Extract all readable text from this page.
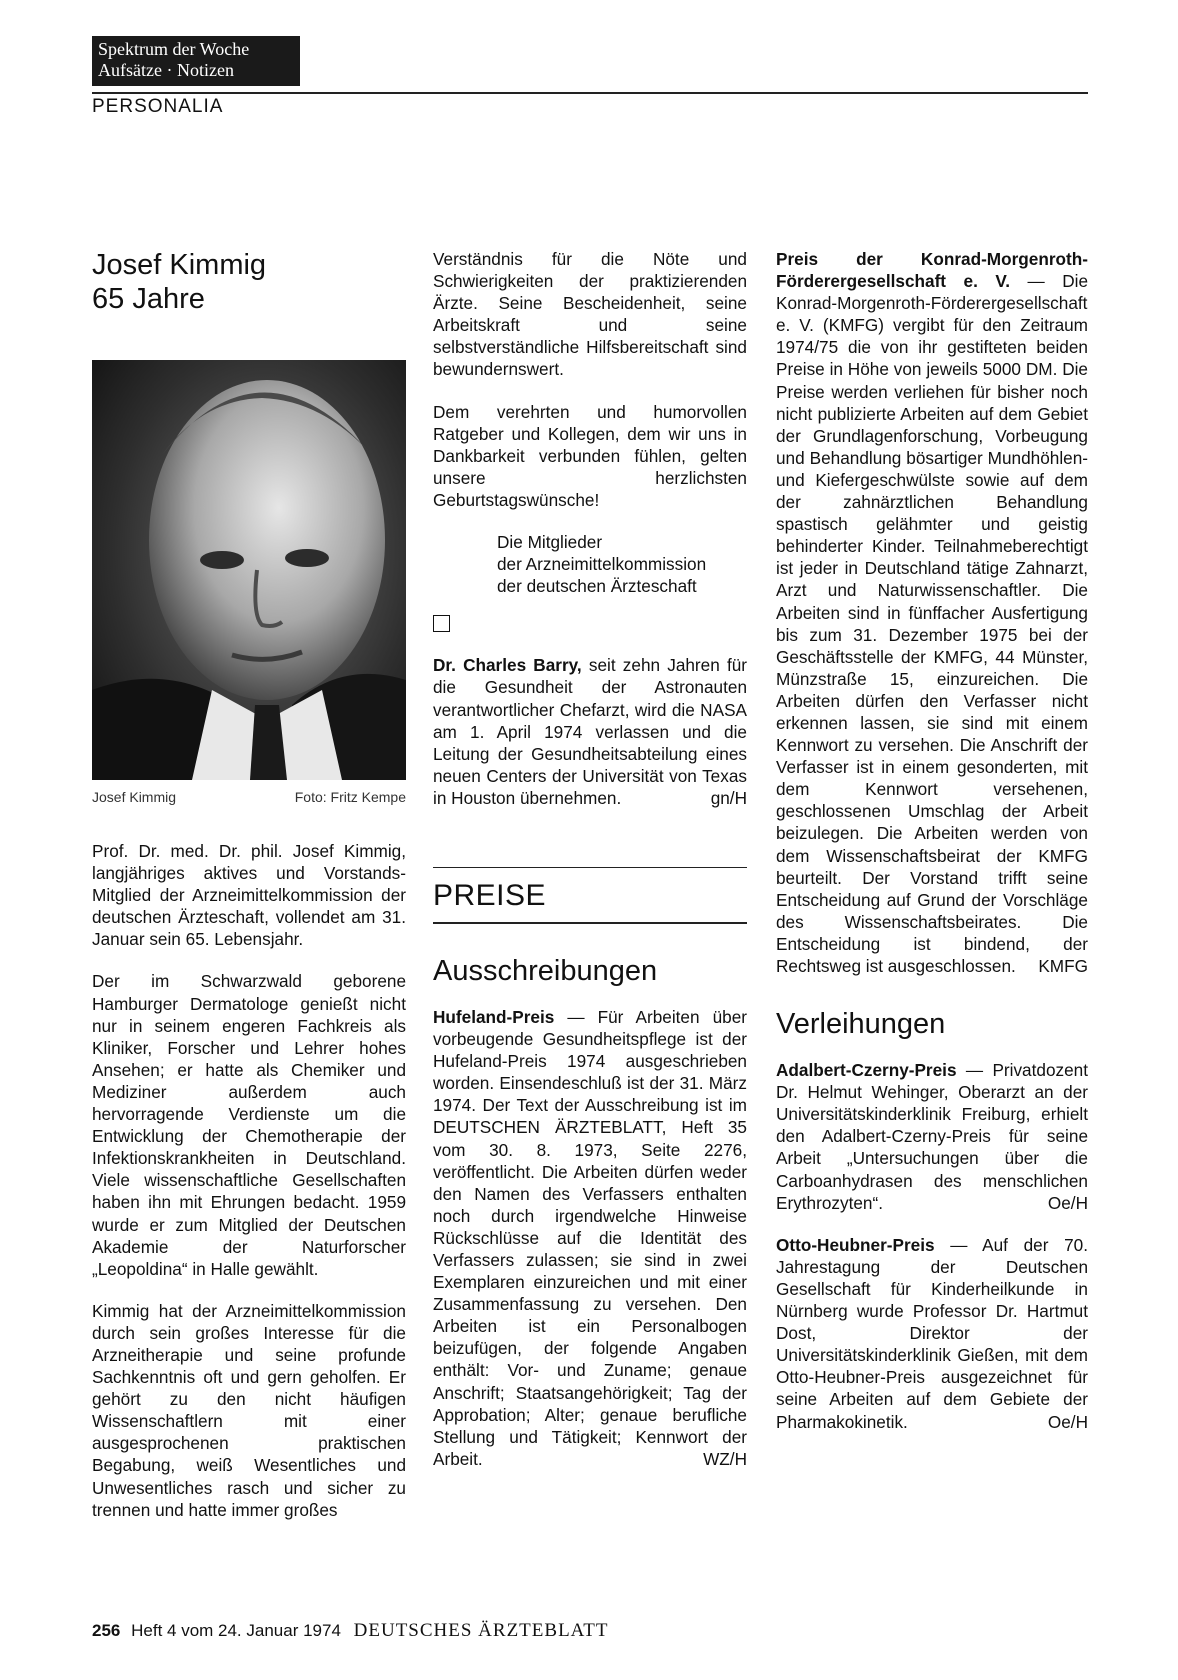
Spektrum der Woche
Aufsätze · Notizen
PERSONALIA
Josef Kimmig
65 Jahre
Josef Kimmig	Foto: Fritz Kempe

Prof. Dr. med. Dr. phil. Josef Kimmig, langjähriges aktives und Vorstands-Mitglied der Arzneimittelkommission der deutschen Ärzteschaft, vollendet am 31. Januar sein 65. Lebensjahr.

Der im Schwarzwald geborene Hamburger Dermatologe genießt nicht nur in seinem engeren Fachkreis als Kliniker, Forscher und Lehrer hohes Ansehen; er hatte als Chemiker und Mediziner außerdem auch hervorragende Verdienste um die Entwicklung der Chemotherapie der Infektionskrankheiten in Deutschland. Viele wissenschaftliche Gesellschaften haben ihn mit Ehrungen bedacht. 1959 wurde er zum Mitglied der Deutschen Akademie der Naturforscher „Leopoldina“ in Halle gewählt.

Kimmig hat der Arzneimittelkommission durch sein großes Interesse für die Arzneitherapie und seine profunde Sachkenntnis oft und gern geholfen. Er gehört zu den nicht häufigen Wissenschaftlern mit einer ausgesprochenen praktischen Begabung, weiß Wesentliches und Unwesentliches rasch und sicher zu trennen und hatte immer großes

Verständnis für die Nöte und Schwierigkeiten der praktizierenden Ärzte. Seine Bescheidenheit, seine Arbeitskraft und seine selbstverständliche Hilfsbereitschaft sind bewundernswert.

Dem verehrten und humorvollen Ratgeber und Kollegen, dem wir uns in Dankbarkeit verbunden fühlen, gelten unsere herzlichsten Geburtstagswünsche!

Die Mitglieder
der Arzneimittelkommission
der deutschen Ärzteschaft

Dr. Charles Barry, seit zehn Jahren für die Gesundheit der Astronauten verantwortlicher Chefarzt, wird die NASA am 1. April 1974 verlassen und die Leitung der Gesundheitsabteilung eines neuen Centers der Universität von Texas in Houston übernehmen.	gn/H

PREISE
Ausschreibungen

Hufeland-Preis — Für Arbeiten über vorbeugende Gesundheitspflege ist der Hufeland-Preis 1974 ausgeschrieben worden. Einsendeschluß ist der 31. März 1974. Der Text der Ausschreibung ist im DEUTSCHEN ÄRZTEBLATT, Heft 35 vom 30. 8. 1973, Seite 2276, veröffentlicht. Die Arbeiten dürfen weder den Namen des Verfassers enthalten noch durch irgendwelche Hinweise Rückschlüsse auf die Identität des Verfassers zulassen; sie sind in zwei Exemplaren einzureichen und mit einer Zusammenfassung zu versehen. Den Arbeiten ist ein Personalbogen beizufügen, der folgende Angaben enthält: Vor- und Zuname; genaue Anschrift; Staatsangehörigkeit; Tag der Approbation; Alter; genaue berufliche Stellung und Tätigkeit; Kennwort der Arbeit.	WZ/H

Preis der Konrad-Morgenroth-Förderergesellschaft e. V. — Die Konrad-Morgenroth-Förderergesellschaft e. V. (KMFG) vergibt für den Zeitraum 1974/75 die von ihr gestifteten beiden Preise in Höhe von jeweils 5000 DM. Die Preise werden verliehen für bisher noch nicht publizierte Arbeiten auf dem Gebiet der Grundlagenforschung, Vorbeugung und Behandlung bösartiger Mundhöhlen- und Kiefergeschwülste sowie auf dem der zahnärztlichen Behandlung spastisch gelähmter und geistig behinderter Kinder. Teilnahmeberechtigt ist jeder in Deutschland tätige Zahnarzt, Arzt und Naturwissenschaftler. Die Arbeiten sind in fünffacher Ausfertigung bis zum 31. Dezember 1975 bei der Geschäftsstelle der KMFG, 44 Münster, Münzstraße 15, einzureichen. Die Arbeiten dürfen den Verfasser nicht erkennen lassen, sie sind mit einem Kennwort zu versehen. Die Anschrift der Verfasser ist in einem gesonderten, mit dem Kennwort versehenen, geschlossenen Umschlag der Arbeit beizulegen. Die Arbeiten werden von dem Wissenschaftsbeirat der KMFG beurteilt. Der Vorstand trifft seine Entscheidung auf Grund der Vorschläge des Wissenschaftsbeirates. Die Entscheidung ist bindend, der Rechtsweg ist ausgeschlossen. KMFG

Verleihungen

Adalbert-Czerny-Preis — Privatdozent Dr. Helmut Wehinger, Oberarzt an der Universitätskinderklinik Freiburg, erhielt den Adalbert-Czerny-Preis für seine Arbeit „Untersuchungen über die Carboanhydrasen des menschlichen Erythrozyten“.	Oe/H

Otto-Heubner-Preis — Auf der 70. Jahrestagung der Deutschen Gesellschaft für Kinderheilkunde in Nürnberg wurde Professor Dr. Hartmut Dost, Direktor der Universitätskinderklinik Gießen, mit dem Otto-Heubner-Preis ausgezeichnet für seine Arbeiten auf dem Gebiete der Pharmakokinetik.	Oe/H

256 Heft 4 vom 24. Januar 1974 DEUTSCHES ÄRZTEBLATT
